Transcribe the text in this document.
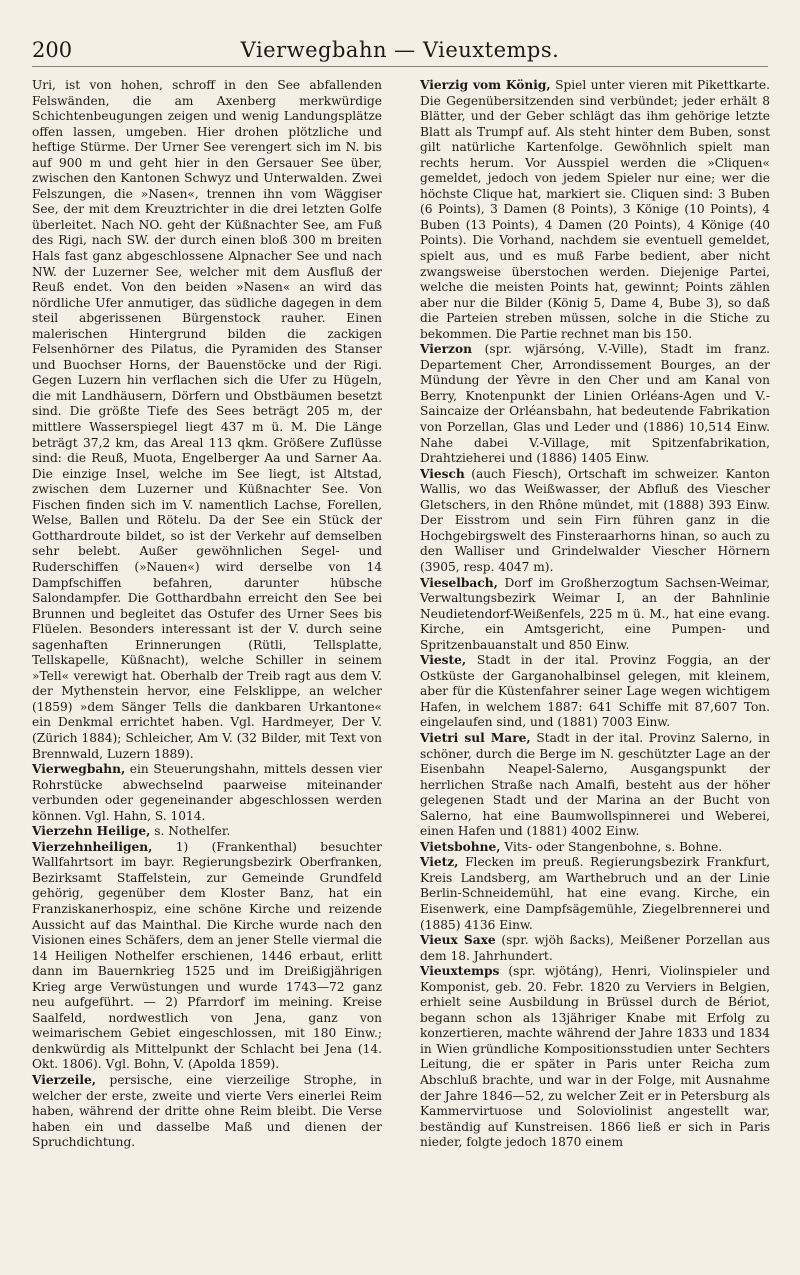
200	Vierwegbahn — Vieuxtemps.

Uri, ist von hohen, schroff in den See abfallenden Felswänden, die am Axenberg merkwürdige Schichtenbeugungen zeigen und wenig Landungsplätze offen lassen, umgeben. Hier drohen plötzliche und heftige Stürme. Der Urner See verengert sich im N. bis auf 900 m und geht hier in den Gersauer See über, zwischen den Kantonen Schwyz und Unterwalden. Zwei Felszungen, die »Nasen«, trennen ihn vom Wäggiser See, der mit dem Kreuztrichter in die drei letzten Golfe überleitet. Nach NO. geht der Küßnachter See, am Fuß des Rigi, nach SW. der durch einen bloß 300 m breiten Hals fast ganz abgeschlossene Alpnacher See und nach NW. der Luzerner See, welcher mit dem Ausfluß der Reuß endet. Von den beiden »Nasen« an wird das nördliche Ufer anmutiger, das südliche dagegen in dem steil abgerissenen Bürgenstock rauher. Einen malerischen Hintergrund bilden die zackigen Felsenhörner des Pilatus, die Pyramiden des Stanser und Buochser Horns, der Bauenstöcke und der Rigi. Gegen Luzern hin verflachen sich die Ufer zu Hügeln, die mit Landhäusern, Dörfern und Obstbäumen besetzt sind. Die größte Tiefe des Sees beträgt 205 m, der mittlere Wasserspiegel liegt 437 m ü. M. Die Länge beträgt 37,2 km, das Areal 113 qkm. Größere Zuflüsse sind: die Reuß, Muota, Engelberger Aa und Sarner Aa. Die einzige Insel, welche im See liegt, ist Altstad, zwischen dem Luzerner und Küßnachter See. Von Fischen finden sich im V. namentlich Lachse, Forellen, Welse, Ballen und Rötelu. Da der See ein Stück der Gotthardroute bildet, so ist der Verkehr auf demselben sehr belebt. Außer gewöhnlichen Segel- und Ruderschiffen (»Nauen«) wird derselbe von 14 Dampfschiffen befahren, darunter hübsche Salondampfer. Die Gotthardbahn erreicht den See bei Brunnen und begleitet das Ostufer des Urner Sees bis Flüelen. Besonders interessant ist der V. durch seine sagenhaften Erinnerungen (Rütli, Tellsplatte, Tellskapelle, Küßnacht), welche Schiller in seinem »Tell« verewigt hat. Oberhalb der Treib ragt aus dem V. der Mythenstein hervor, eine Felsklippe, an welcher (1859) »dem Sänger Tells die dankbaren Urkantone« ein Denkmal errichtet haben. Vgl. Hardmeyer, Der V. (Zürich 1884); Schleicher, Am V. (32 Bilder, mit Text von Brennwald, Luzern 1889).

Vierwegbahn, ein Steuerungshahn, mittels dessen vier Rohrstücke abwechselnd paarweise miteinander verbunden oder gegeneinander abgeschlossen werden können. Vgl. Hahn, S. 1014.

Vierzehn Heilige, s. Nothelfer.

Vierzehnheiligen, 1) (Frankenthal) besuchter Wallfahrtsort im bayr. Regierungsbezirk Oberfranken, Bezirksamt Staffelstein, zur Gemeinde Grundfeld gehörig, gegenüber dem Kloster Banz, hat ein Franziskanerhospiz, eine schöne Kirche und reizende Aussicht auf das Mainthal. Die Kirche wurde nach den Visionen eines Schäfers, dem an jener Stelle viermal die 14 Heiligen Nothelfer erschienen, 1446 erbaut, erlitt dann im Bauernkrieg 1525 und im Dreißigjährigen Krieg arge Verwüstungen und wurde 1743—72 ganz neu aufgeführt. — 2) Pfarrdorf im meining. Kreise Saalfeld, nordwestlich von Jena, ganz von weimarischem Gebiet eingeschlossen, mit 180 Einw.; denkwürdig als Mittelpunkt der Schlacht bei Jena (14. Okt. 1806). Vgl. Bohn, V. (Apolda 1859).

Vierzeile, persische, eine vierzeilige Strophe, in welcher der erste, zweite und vierte Vers einerlei Reim haben, während der dritte ohne Reim bleibt. Die Verse haben ein und dasselbe Maß und dienen der Spruchdichtung.

Vierzig vom König, Spiel unter vieren mit Pikettkarte. Die Gegenübersitzenden sind verbündet; jeder erhält 8 Blätter, und der Geber schlägt das ihm gehörige letzte Blatt als Trumpf auf. Als steht hinter dem Buben, sonst gilt natürliche Kartenfolge. Gewöhnlich spielt man rechts herum. Vor Ausspiel werden die »Cliquen« gemeldet, jedoch von jedem Spieler nur eine; wer die höchste Clique hat, markiert sie. Cliquen sind: 3 Buben (6 Points), 3 Damen (8 Points), 3 Könige (10 Points), 4 Buben (13 Points), 4 Damen (20 Points), 4 Könige (40 Points). Die Vorhand, nachdem sie eventuell gemeldet, spielt aus, und es muß Farbe bedient, aber nicht zwangsweise überstochen werden. Diejenige Partei, welche die meisten Points hat, gewinnt; Points zählen aber nur die Bilder (König 5, Dame 4, Bube 3), so daß die Parteien streben müssen, solche in die Stiche zu bekommen. Die Partie rechnet man bis 150.

Vierzon (spr. wjärsóng, V.-Ville), Stadt im franz. Departement Cher, Arrondissement Bourges, an der Mündung der Yèvre in den Cher und am Kanal von Berry, Knotenpunkt der Linien Orléans-Agen und V.-Saincaize der Orléansbahn, hat bedeutende Fabrikation von Porzellan, Glas und Leder und (1886) 10,514 Einw. Nahe dabei V.-Village, mit Spitzenfabrikation, Drahtzieherei und (1886) 1405 Einw.

Viesch (auch Fiesch), Ortschaft im schweizer. Kanton Wallis, wo das Weißwasser, der Abfluß des Viescher Gletschers, in den Rhône mündet, mit (1888) 393 Einw. Der Eisstrom und sein Firn führen ganz in die Hochgebirgswelt des Finsteraarhorns hinan, so auch zu den Walliser und Grindelwalder Viescher Hörnern (3905, resp. 4047 m).

Vieselbach, Dorf im Großherzogtum Sachsen-Weimar, Verwaltungsbezirk Weimar I, an der Bahnlinie Neudietendorf-Weißenfels, 225 m ü. M., hat eine evang. Kirche, ein Amtsgericht, eine Pumpen- und Spritzenbauanstalt und 850 Einw.

Vieste, Stadt in der ital. Provinz Foggia, an der Ostküste der Garganohalbinsel gelegen, mit kleinem, aber für die Küstenfahrer seiner Lage wegen wichtigem Hafen, in welchem 1887: 641 Schiffe mit 87,607 Ton. eingelaufen sind, und (1881) 7003 Einw.

Vietri sul Mare, Stadt in der ital. Provinz Salerno, in schöner, durch die Berge im N. geschützter Lage an der Eisenbahn Neapel-Salerno, Ausgangspunkt der herrlichen Straße nach Amalfi, besteht aus der höher gelegenen Stadt und der Marina an der Bucht von Salerno, hat eine Baumwollspinnerei und Weberei, einen Hafen und (1881) 4002 Einw.

Vietsbohne, Vits- oder Stangenbohne, s. Bohne.

Vietz, Flecken im preuß. Regierungsbezirk Frankfurt, Kreis Landsberg, am Warthebruch und an der Linie Berlin-Schneidemühl, hat eine evang. Kirche, ein Eisenwerk, eine Dampfsägemühle, Ziegelbrennerei und (1885) 4136 Einw.

Vieux Saxe (spr. wjöh ßacks), Meißener Porzellan aus dem 18. Jahrhundert.

Vieuxtemps (spr. wjötáng), Henri, Violinspieler und Komponist, geb. 20. Febr. 1820 zu Verviers in Belgien, erhielt seine Ausbildung in Brüssel durch de Bériot, begann schon als 13jähriger Knabe mit Erfolg zu konzertieren, machte während der Jahre 1833 und 1834 in Wien gründliche Kompositionsstudien unter Sechters Leitung, die er später in Paris unter Reicha zum Abschluß brachte, und war in der Folge, mit Ausnahme der Jahre 1846—52, zu welcher Zeit er in Petersburg als Kammervirtuose und Soloviolinist angestellt war, beständig auf Kunstreisen. 1866 ließ er sich in Paris nieder, folgte jedoch 1870 einem
